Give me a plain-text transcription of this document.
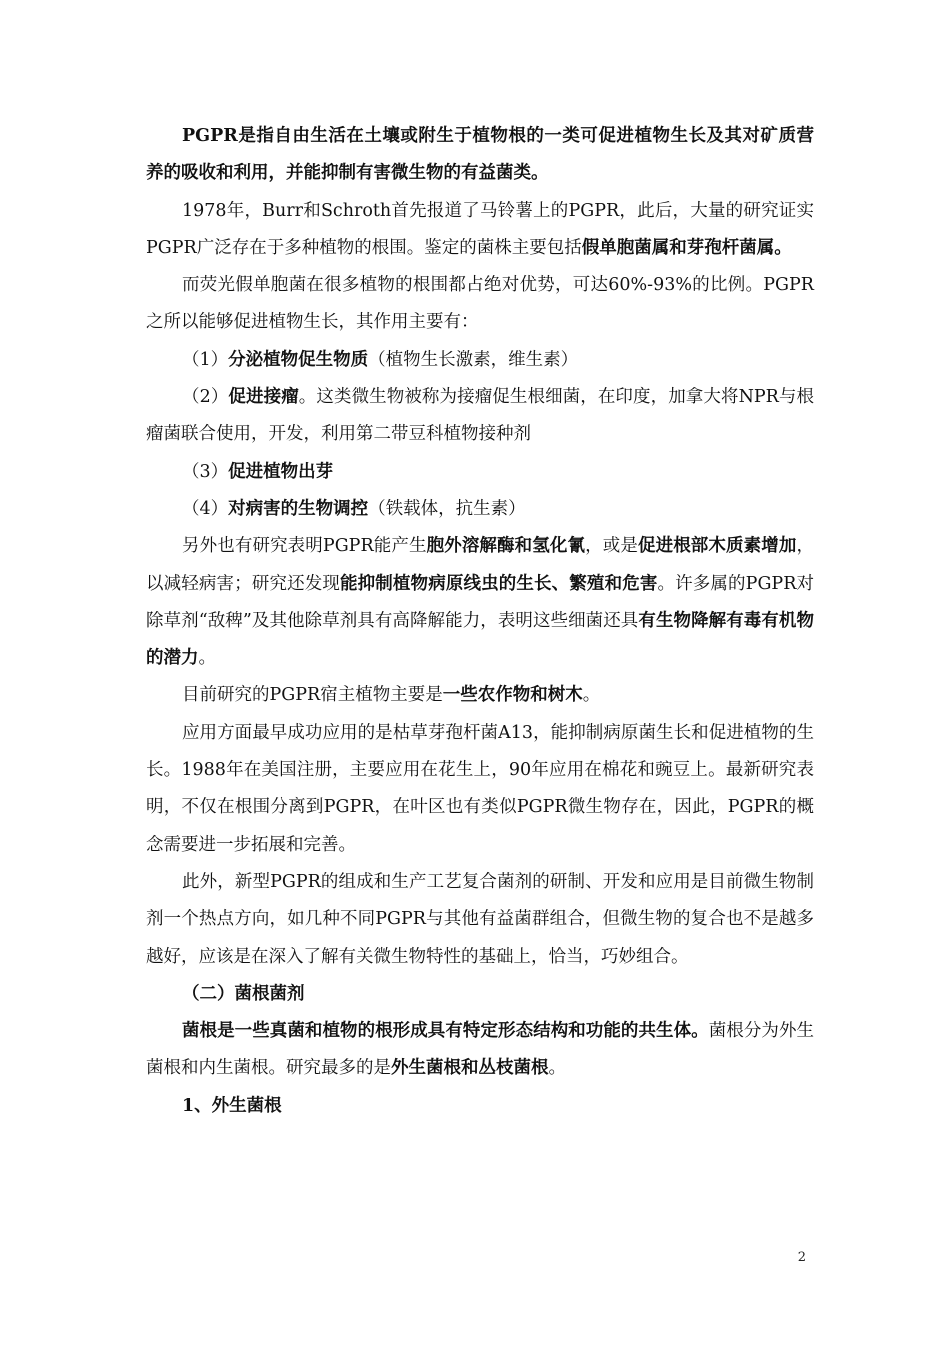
PGPR是指自由生活在土壤或附生于植物根的一类可促进植物生长及其对矿质营养的吸收和利用，并能抑制有害微生物的有益菌类。

1978年，Burr和Schroth首先报道了马铃薯上的PGPR，此后，大量的研究证实PGPR广泛存在于多种植物的根围。鉴定的菌株主要包括假单胞菌属和芽孢杆菌属。

而荧光假单胞菌在很多植物的根围都占绝对优势，可达60%-93%的比例。PGPR之所以能够促进植物生长，其作用主要有：

（1）分泌植物促生物质（植物生长激素，维生素）

（2）促进接瘤。这类微生物被称为接瘤促生根细菌，在印度，加拿大将NPR与根瘤菌联合使用，开发，利用第二带豆科植物接种剂

（3）促进植物出芽

（4）对病害的生物调控（铁载体，抗生素）

另外也有研究表明PGPR能产生胞外溶解酶和氢化氰，或是促进根部木质素增加，以减轻病害；研究还发现能抑制植物病原线虫的生长、繁殖和危害。许多属的PGPR对除草剂“敌稗”及其他除草剂具有高降解能力，表明这些细菌还具有生物降解有毒有机物的潜力。

目前研究的PGPR宿主植物主要是一些农作物和树木。

应用方面最早成功应用的是枯草芽孢杆菌A13，能抑制病原菌生长和促进植物的生长。1988年在美国注册，主要应用在花生上，90年应用在棉花和豌豆上。最新研究表明，不仅在根围分离到PGPR，在叶区也有类似PGPR微生物存在，因此，PGPR的概念需要进一步拓展和完善。

此外，新型PGPR的组成和生产工艺复合菌剂的研制、开发和应用是目前微生物制剂一个热点方向，如几种不同PGPR与其他有益菌群组合，但微生物的复合也不是越多越好，应该是在深入了解有关微生物特性的基础上，恰当，巧妙组合。

（二）菌根菌剂

菌根是一些真菌和植物的根形成具有特定形态结构和功能的共生体。菌根分为外生菌根和内生菌根。研究最多的是外生菌根和丛枝菌根。

1、外生菌根

2
